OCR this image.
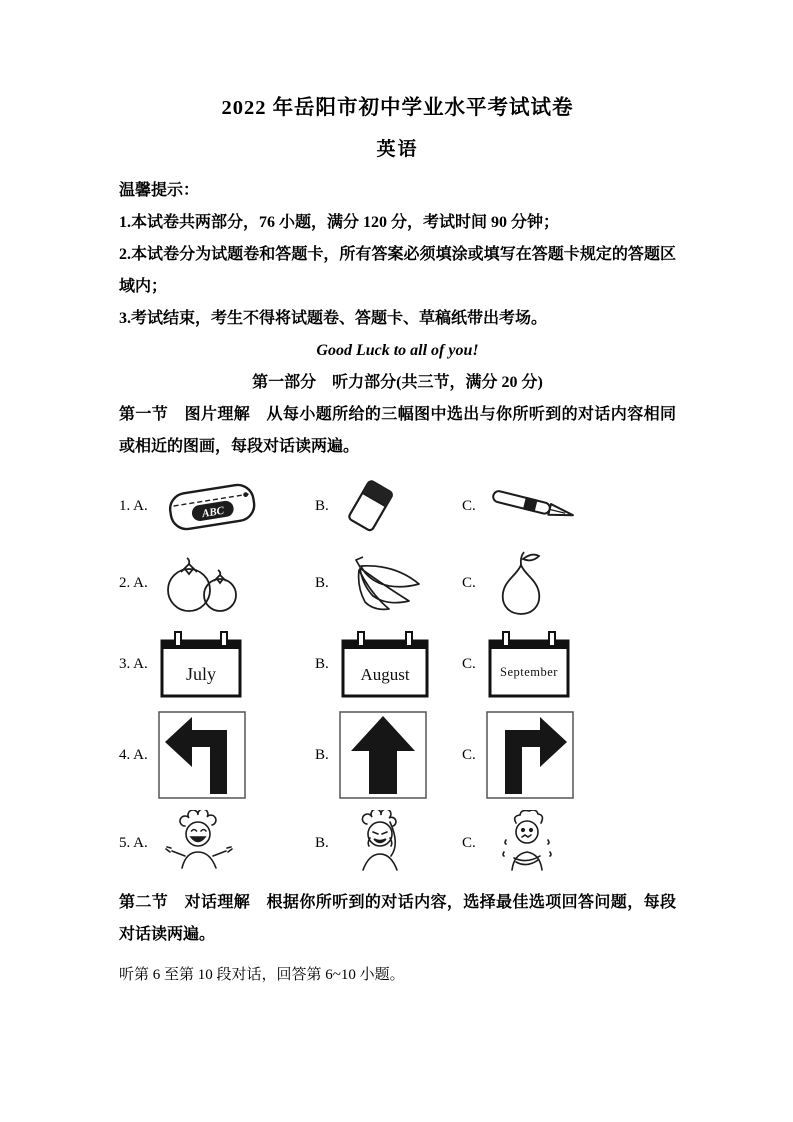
2022 年岳阳市初中学业水平考试试卷
英语

温馨提示：

1.本试卷共两部分，76 小题，满分 120 分，考试时间 90 分钟；

2.本试卷分为试题卷和答题卡，所有答案必须填涂或填写在答题卡规定的答题区域内；

3.考试结束，考生不得将试题卷、答题卡、草稿纸带出考场。

Good Luck to all of you!

第一部分　听力部分(共三节，满分 20 分)

第一节　图片理解　从每小题所给的三幅图中选出与你所听到的对话内容相同或相近的图画，每段对话读两遍。

1. A.	ABC	B.	C.
2. A.	B.	C.
3. A.
July
B.
August
C.
September
4. A.	B.	C.
5. A.	B.	C.

第二节　对话理解　根据你所听到的对话内容，选择最佳选项回答问题，每段对话读两遍。

听第 6 至第 10 段对话，回答第 6~10 小题。
